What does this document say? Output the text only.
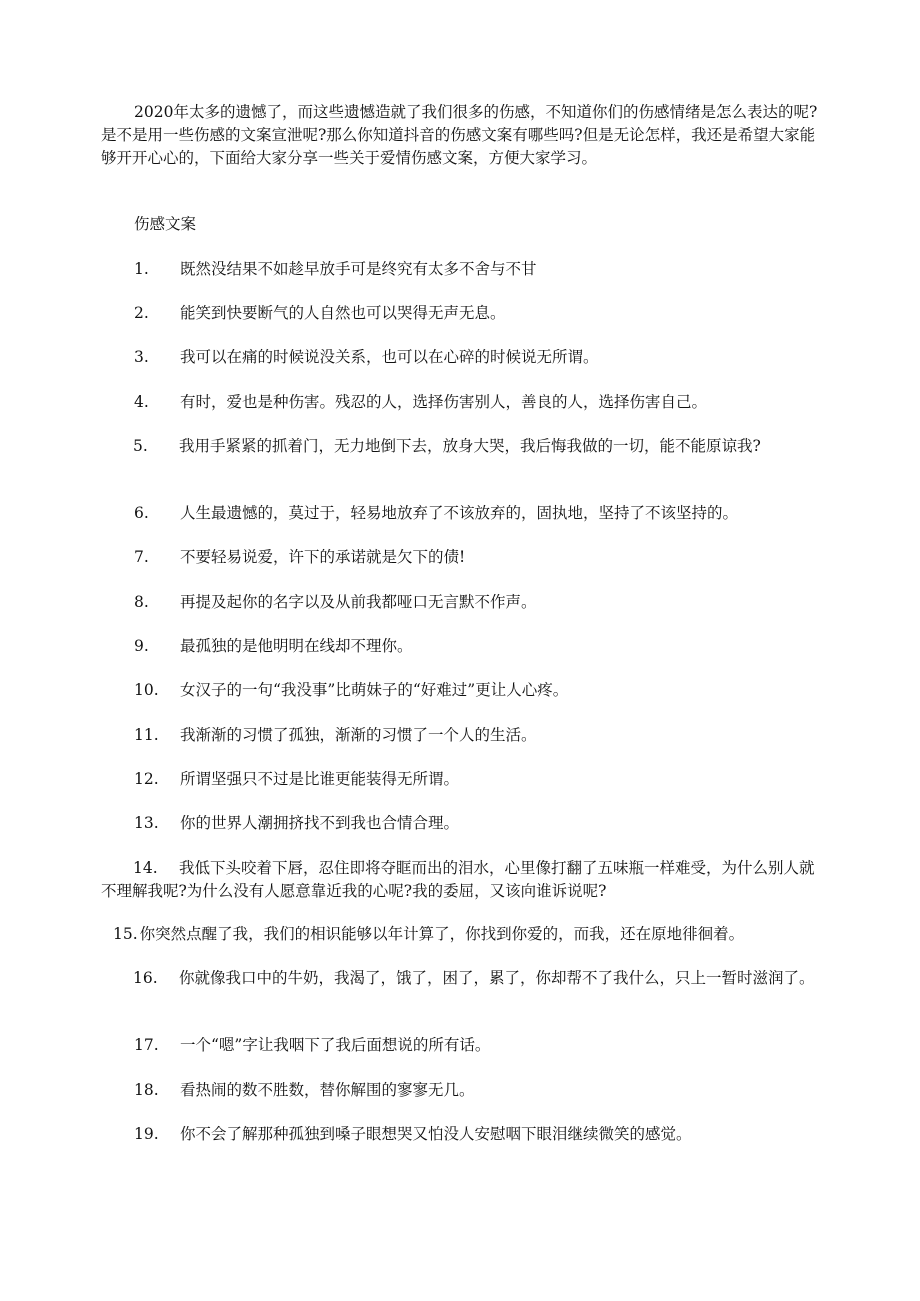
2020年太多的遗憾了，而这些遗憾造就了我们很多的伤感，不知道你们的伤感情绪是怎么表达的呢?是不是用一些伤感的文案宣泄呢?那么你知道抖音的伤感文案有哪些吗?但是无论怎样，我还是希望大家能够开开心心的，下面给大家分享一些关于爱情伤感文案，方便大家学习。

伤感文案

1. 既然没结果不如趁早放手可是终究有太多不舍与不甘

2. 能笑到快要断气的人自然也可以哭得无声无息。

3. 我可以在痛的时候说没关系，也可以在心碎的时候说无所谓。

4. 有时，爱也是种伤害。残忍的人，选择伤害别人，善良的人，选择伤害自己。

5. 我用手紧紧的抓着门，无力地倒下去，放身大哭，我后悔我做的一切，能不能原谅我?

6. 人生最遗憾的，莫过于，轻易地放弃了不该放弃的，固执地，坚持了不该坚持的。

7. 不要轻易说爱，许下的承诺就是欠下的债!

8. 再提及起你的名字以及从前我都哑口无言默不作声。

9. 最孤独的是他明明在线却不理你。

10. 女汉子的一句“我没事”比萌妹子的“好难过”更让人心疼。

11. 我渐渐的习惯了孤独，渐渐的习惯了一个人的生活。

12. 所谓坚强只不过是比谁更能装得无所谓。

13. 你的世界人潮拥挤找不到我也合情合理。

14. 我低下头咬着下唇，忍住即将夺眶而出的泪水，心里像打翻了五味瓶一样难受，为什么别人就不理解我呢?为什么没有人愿意靠近我的心呢?我的委屈，又该向谁诉说呢?

15. 你突然点醒了我，我们的相识能够以年计算了，你找到你爱的，而我，还在原地徘徊着。

16. 你就像我口中的牛奶，我渴了，饿了，困了，累了，你却帮不了我什么，只上一暂时滋润了。

17. 一个“嗯”字让我咽下了我后面想说的所有话。

18. 看热闹的数不胜数，替你解围的寥寥无几。

19. 你不会了解那种孤独到嗓子眼想哭又怕没人安慰咽下眼泪继续微笑的感觉。
